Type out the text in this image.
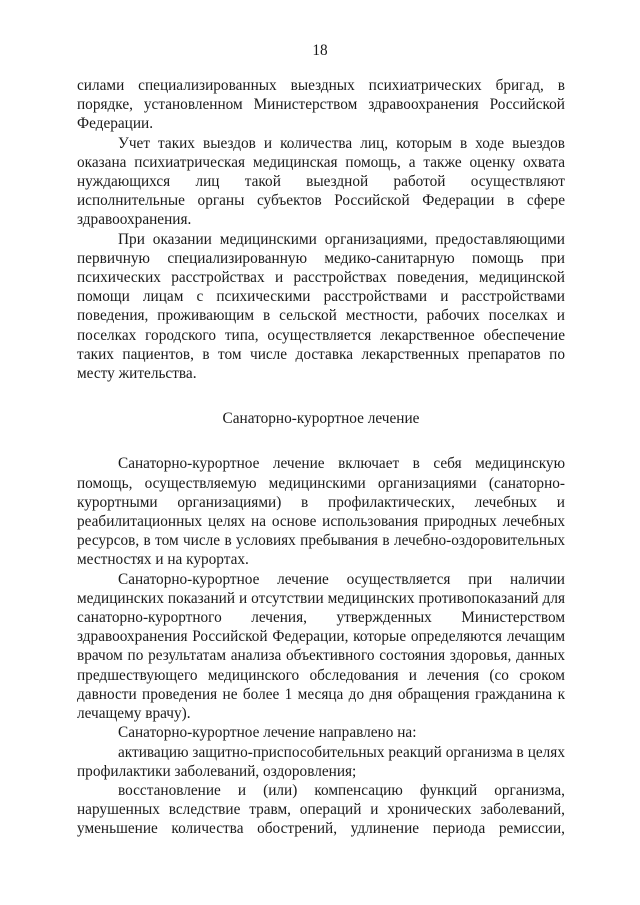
18

силами специализированных выездных психиатрических бригад, в порядке, установленном Министерством здравоохранения Российской Федерации.

Учет таких выездов и количества лиц, которым в ходе выездов оказана психиатрическая медицинская помощь, а также оценку охвата нуждающихся лиц такой выездной работой осуществляют исполнительные органы субъектов Российской Федерации в сфере здравоохранения.

При оказании медицинскими организациями, предоставляющими первичную специализированную медико-санитарную помощь при психических расстройствах и расстройствах поведения, медицинской помощи лицам с психическими расстройствами и расстройствами поведения, проживающим в сельской местности, рабочих поселках и поселках городского типа, осуществляется лекарственное обеспечение таких пациентов, в том числе доставка лекарственных препаратов по месту жительства.

Санаторно-курортное лечение

Санаторно-курортное лечение включает в себя медицинскую помощь, осуществляемую медицинскими организациями (санаторно-курортными организациями) в профилактических, лечебных и реабилитационных целях на основе использования природных лечебных ресурсов, в том числе в условиях пребывания в лечебно-оздоровительных местностях и на курортах.

Санаторно-курортное лечение осуществляется при наличии медицинских показаний и отсутствии медицинских противопоказаний для санаторно-курортного лечения, утвержденных Министерством здравоохранения Российской Федерации, которые определяются лечащим врачом по результатам анализа объективного состояния здоровья, данных предшествующего медицинского обследования и лечения (со сроком давности проведения не более 1 месяца до дня обращения гражданина к лечащему врачу).

Санаторно-курортное лечение направлено на:

активацию защитно-приспособительных реакций организма в целях профилактики заболеваний, оздоровления;

восстановление и (или) компенсацию функций организма, нарушенных вследствие травм, операций и хронических заболеваний, уменьшение количества обострений, удлинение периода ремиссии,
